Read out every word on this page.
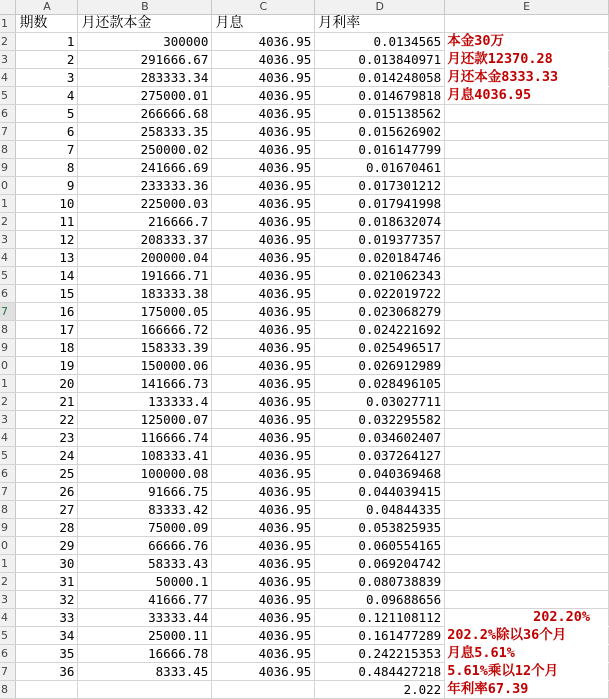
	A	B	C	D	E
1	期数	月还款本金	月息	月利率	
2	1	300000	4036.95	0.0134565	本金30万

3	2	291666.67	4036.95	0.013840971	月还款12370.28

4	3	283333.34	4036.95	0.014248058	月还本金8333.33

5	4	275000.01	4036.95	0.014679818	月息4036.95

6	5	266666.68	4036.95	0.015138562	
7	6	258333.35	4036.95	0.015626902	
8	7	250000.02	4036.95	0.016147799	
9	8	241666.69	4036.95	0.01670461	
0	9	233333.36	4036.95	0.017301212	
1	10	225000.03	4036.95	0.017941998	
2	11	216666.7	4036.95	0.018632074	
3	12	208333.37	4036.95	0.019377357	
4	13	200000.04	4036.95	0.020184746	
5	14	191666.71	4036.95	0.021062343	
6	15	183333.38	4036.95	0.022019722	
7	16	175000.05	4036.95	0.023068279	
8	17	166666.72	4036.95	0.024221692	
9	18	158333.39	4036.95	0.025496517	
0	19	150000.06	4036.95	0.026912989	
1	20	141666.73	4036.95	0.028496105	
2	21	133333.4	4036.95	0.03027711	
3	22	125000.07	4036.95	0.032295582	
4	23	116666.74	4036.95	0.034602407	
5	24	108333.41	4036.95	0.037264127	
6	25	100000.08	4036.95	0.040369468	
7	26	91666.75	4036.95	0.044039415	
8	27	83333.42	4036.95	0.04844335	
9	28	75000.09	4036.95	0.053825935	
0	29	66666.76	4036.95	0.060554165	
1	30	58333.43	4036.95	0.069204742	
2	31	50000.1	4036.95	0.080738839	
3	32	41666.77	4036.95	0.09688656	
4	33	33333.44	4036.95	0.121108112	202.20%

5	34	25000.11	4036.95	0.161477289	202.2%除以36个月

6	35	16666.78	4036.95	0.242215353	月息5.61%

7	36	8333.45	4036.95	0.484427218	5.61%乘以12个月

8				2.022	年利率67.39
